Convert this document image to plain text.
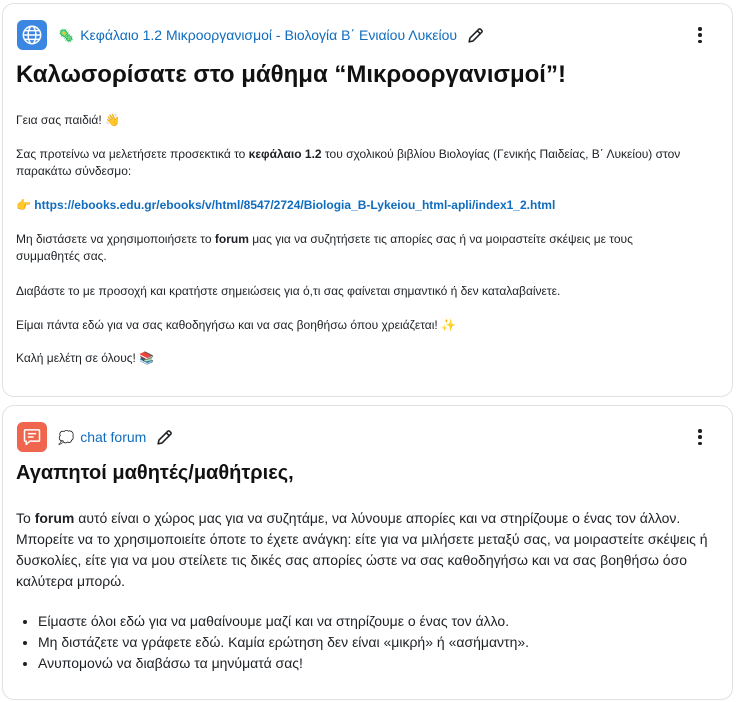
🦠 Κεφάλαιο 1.2 Μικροοργανισμοί - Βιολογία Β΄ Ενιαίου Λυκείου
Καλωσορίσατε στο μάθημα “Μικροοργανισμοί”!

Γεια σας παιδιά! 👋

Σας προτείνω να μελετήσετε προσεκτικά το κεφάλαιο 1.2 του σχολικού βιβλίου Βιολογίας (Γενικής Παιδείας, Β΄ Λυκείου) στον παρακάτω σύνδεσμο:

👉 https://ebooks.edu.gr/ebooks/v/html/8547/2724/Biologia_B-Lykeiou_html-apli/index1_2.html

Μη διστάσετε να χρησιμοποιήσετε το forum μας για να συζητήσετε τις απορίες σας ή να μοιραστείτε σκέψεις με τους συμμαθητές σας.

Διαβάστε το με προσοχή και κρατήστε σημειώσεις για ό,τι σας φαίνεται σημαντικό ή δεν καταλαβαίνετε.

Είμαι πάντα εδώ για να σας καθοδηγήσω και να σας βοηθήσω όπου χρειάζεται! ✨

Καλή μελέτη σε όλους! 📚

💭 chat forum
Αγαπητοί μαθητές/μαθήτριες,

Το forum αυτό είναι ο χώρος μας για να συζητάμε, να λύνουμε απορίες και να στηρίζουμε ο ένας τον άλλον. Μπορείτε να το χρησιμοποιείτε όποτε το έχετε ανάγκη: είτε για να μιλήσετε μεταξύ σας, να μοιραστείτε σκέψεις ή δυσκολίες, είτε για να μου στείλετε τις δικές σας απορίες ώστε να σας καθοδηγήσω και να σας βοηθήσω όσο καλύτερα μπορώ.

• Είμαστε όλοι εδώ για να μαθαίνουμε μαζί και να στηρίζουμε ο ένας τον άλλο.
• Μη διστάζετε να γράφετε εδώ. Καμία ερώτηση δεν είναι «μικρή» ή «ασήμαντη».
• Ανυπομονώ να διαβάσω τα μηνύματά σας!
